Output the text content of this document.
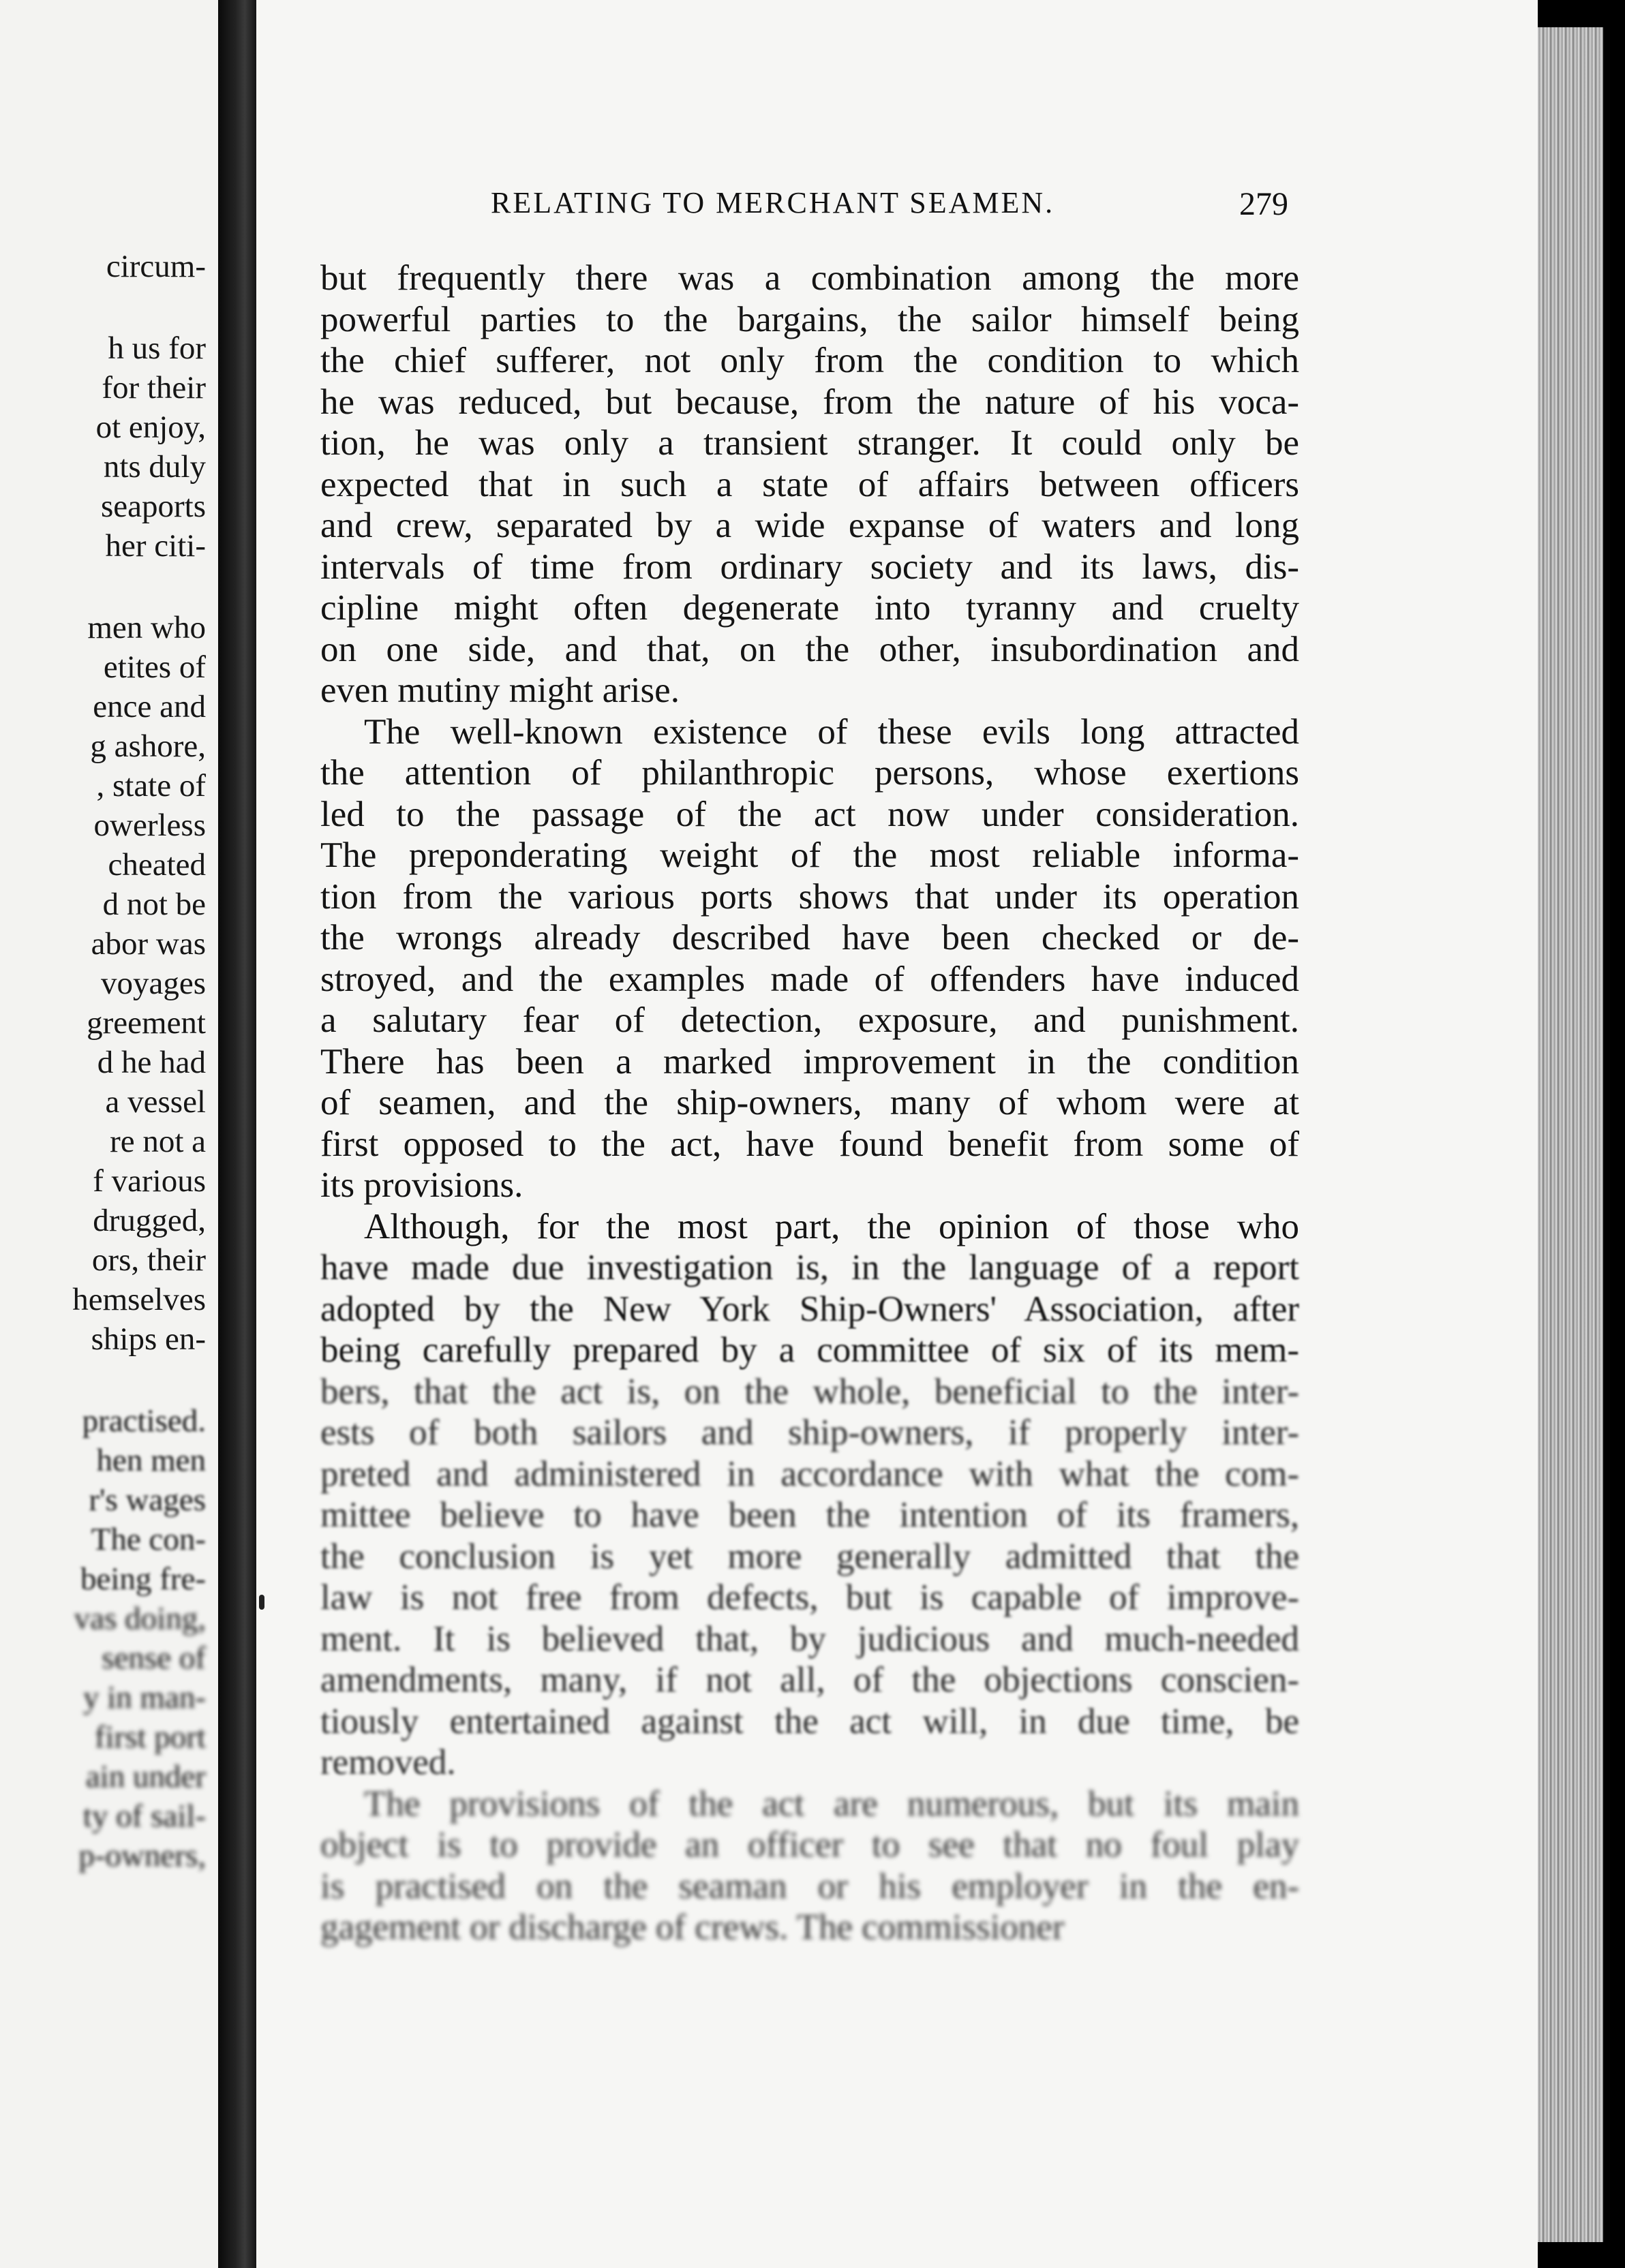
circum-
h us for
for their
ot enjoy,
nts duly
seaports
her citi-
men who
etites of
ence and
g ashore,
, state of
owerless
cheated
d not be
abor was
voyages
greement
d he had
a vessel
re not a
f various
drugged,
ors, their
hemselves
ships en-
practised.
hen men
r's wages
The con-
being fre-
vas doing,
sense of
y in man-
first port
ain under
ty of sail-
p-owners,
RELATING TO MERCHANT SEAMEN.	279
but frequently there was a combination among the more
powerful parties to the bargains, the sailor himself being
the chief sufferer, not only from the condition to which
he was reduced, but because, from the nature of his voca-
tion, he was only a transient stranger. It could only be
expected that in such a state of affairs between officers
and crew, separated by a wide expanse of waters and long
intervals of time from ordinary society and its laws, dis-
cipline might often degenerate into tyranny and cruelty
on one side, and that, on the other, insubordination and
even mutiny might arise.
The well-known existence of these evils long attracted
the attention of philanthropic persons, whose exertions
led to the passage of the act now under consideration.
The preponderating weight of the most reliable informa-
tion from the various ports shows that under its operation
the wrongs already described have been checked or de-
stroyed, and the examples made of offenders have induced
a salutary fear of detection, exposure, and punishment.
There has been a marked improvement in the condition
of seamen, and the ship-owners, many of whom were at
first opposed to the act, have found benefit from some of
its provisions.
Although, for the most part, the opinion of those who
have made due investigation is, in the language of a report
adopted by the New York Ship-Owners' Association, after
being carefully prepared by a committee of six of its mem-
bers, that the act is, on the whole, beneficial to the inter-
ests of both sailors and ship-owners, if properly inter-
preted and administered in accordance with what the com-
mittee believe to have been the intention of its framers,
the conclusion is yet more generally admitted that the
law is not free from defects, but is capable of improve-
ment. It is believed that, by judicious and much-needed
amendments, many, if not all, of the objections conscien-
tiously entertained against the act will, in due time, be
removed.
The provisions of the act are numerous, but its main
object is to provide an officer to see that no foul play
is practised on the seaman or his employer in the en-
gagement or discharge of crews. The commissioner
